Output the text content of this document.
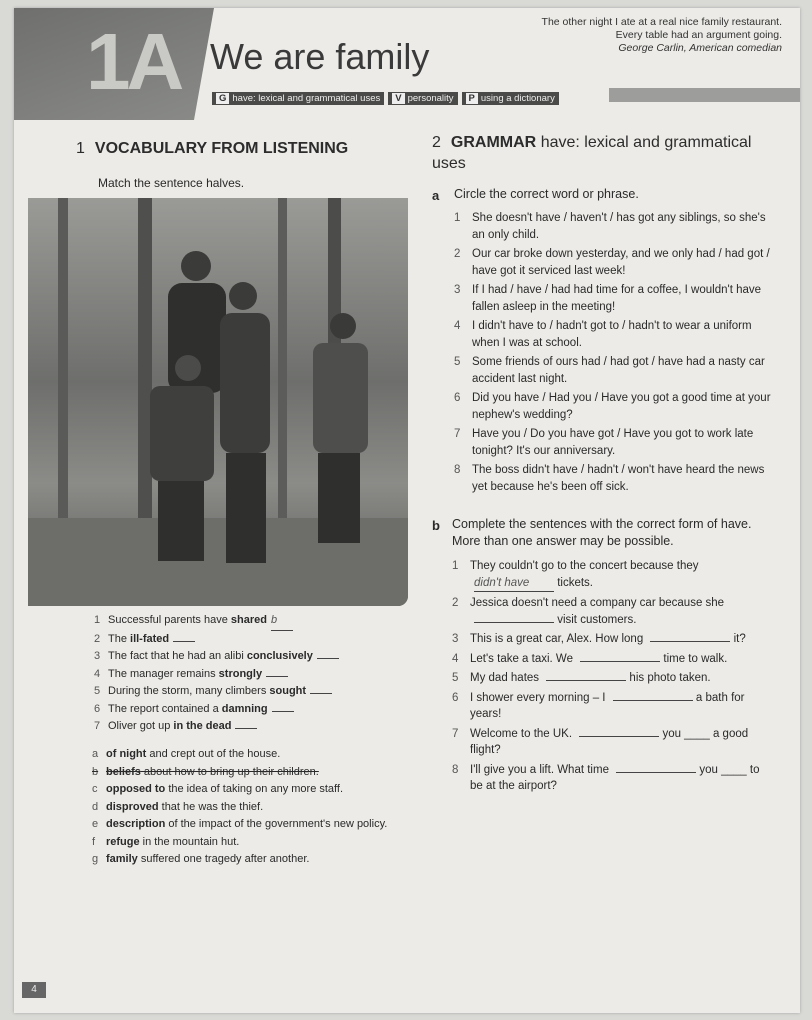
1A We are family
The other night I ate at a real nice family restaurant. Every table had an argument going.
George Carlin, American comedian
G have: lexical and grammatical uses	V personality	P using a dictionary
1 VOCABULARY FROM LISTENING
Match the sentence halves.
1 Successful parents have shared b
2 The ill-fated
3 The fact that he had an alibi conclusively
4 The manager remains strongly
5 During the storm, many climbers sought
6 The report contained a damning
7 Oliver got up in the dead
a of night and crept out of the house.
b beliefs about how to bring up their children.
c opposed to the idea of taking on any more staff.
d disproved that he was the thief.
e description of the impact of the government's new policy.
f refuge in the mountain hut.
g family suffered one tragedy after another.
2 GRAMMAR have: lexical and grammatical uses
a Circle the correct word or phrase.
1	She doesn't have / haven't / has got any siblings, so she's an only child.
2	Our car broke down yesterday, and we only had / had got / have got it serviced last week!
3	If I had / have / had had time for a coffee, I wouldn't have fallen asleep in the meeting!
4	I didn't have to / hadn't got to / hadn't to wear a uniform when I was at school.
5	Some friends of ours had / had got / have had a nasty car accident last night.
6	Did you have / Had you / Have you got a good time at your nephew's wedding?
7	Have you / Do you have got / Have you got to work late tonight? It's our anniversary.
8	The boss didn't have / hadn't / won't have heard the news yet because he's been off sick.
b Complete the sentences with the correct form of have. More than one answer may be possible.
1	They couldn't go to the concert because they didn't have tickets.
2	Jessica doesn't need a company car because she  visit customers.
3	This is a great car, Alex. How long	it?
4	Let's take a taxi. We	time to walk.
5	My dad hates	his photo taken.
6	I shower every morning – I	a bath for years!
7	Welcome to the UK.	you ____ a good flight?
8	I'll give you a lift. What time	you ____ to be at the airport?
4
